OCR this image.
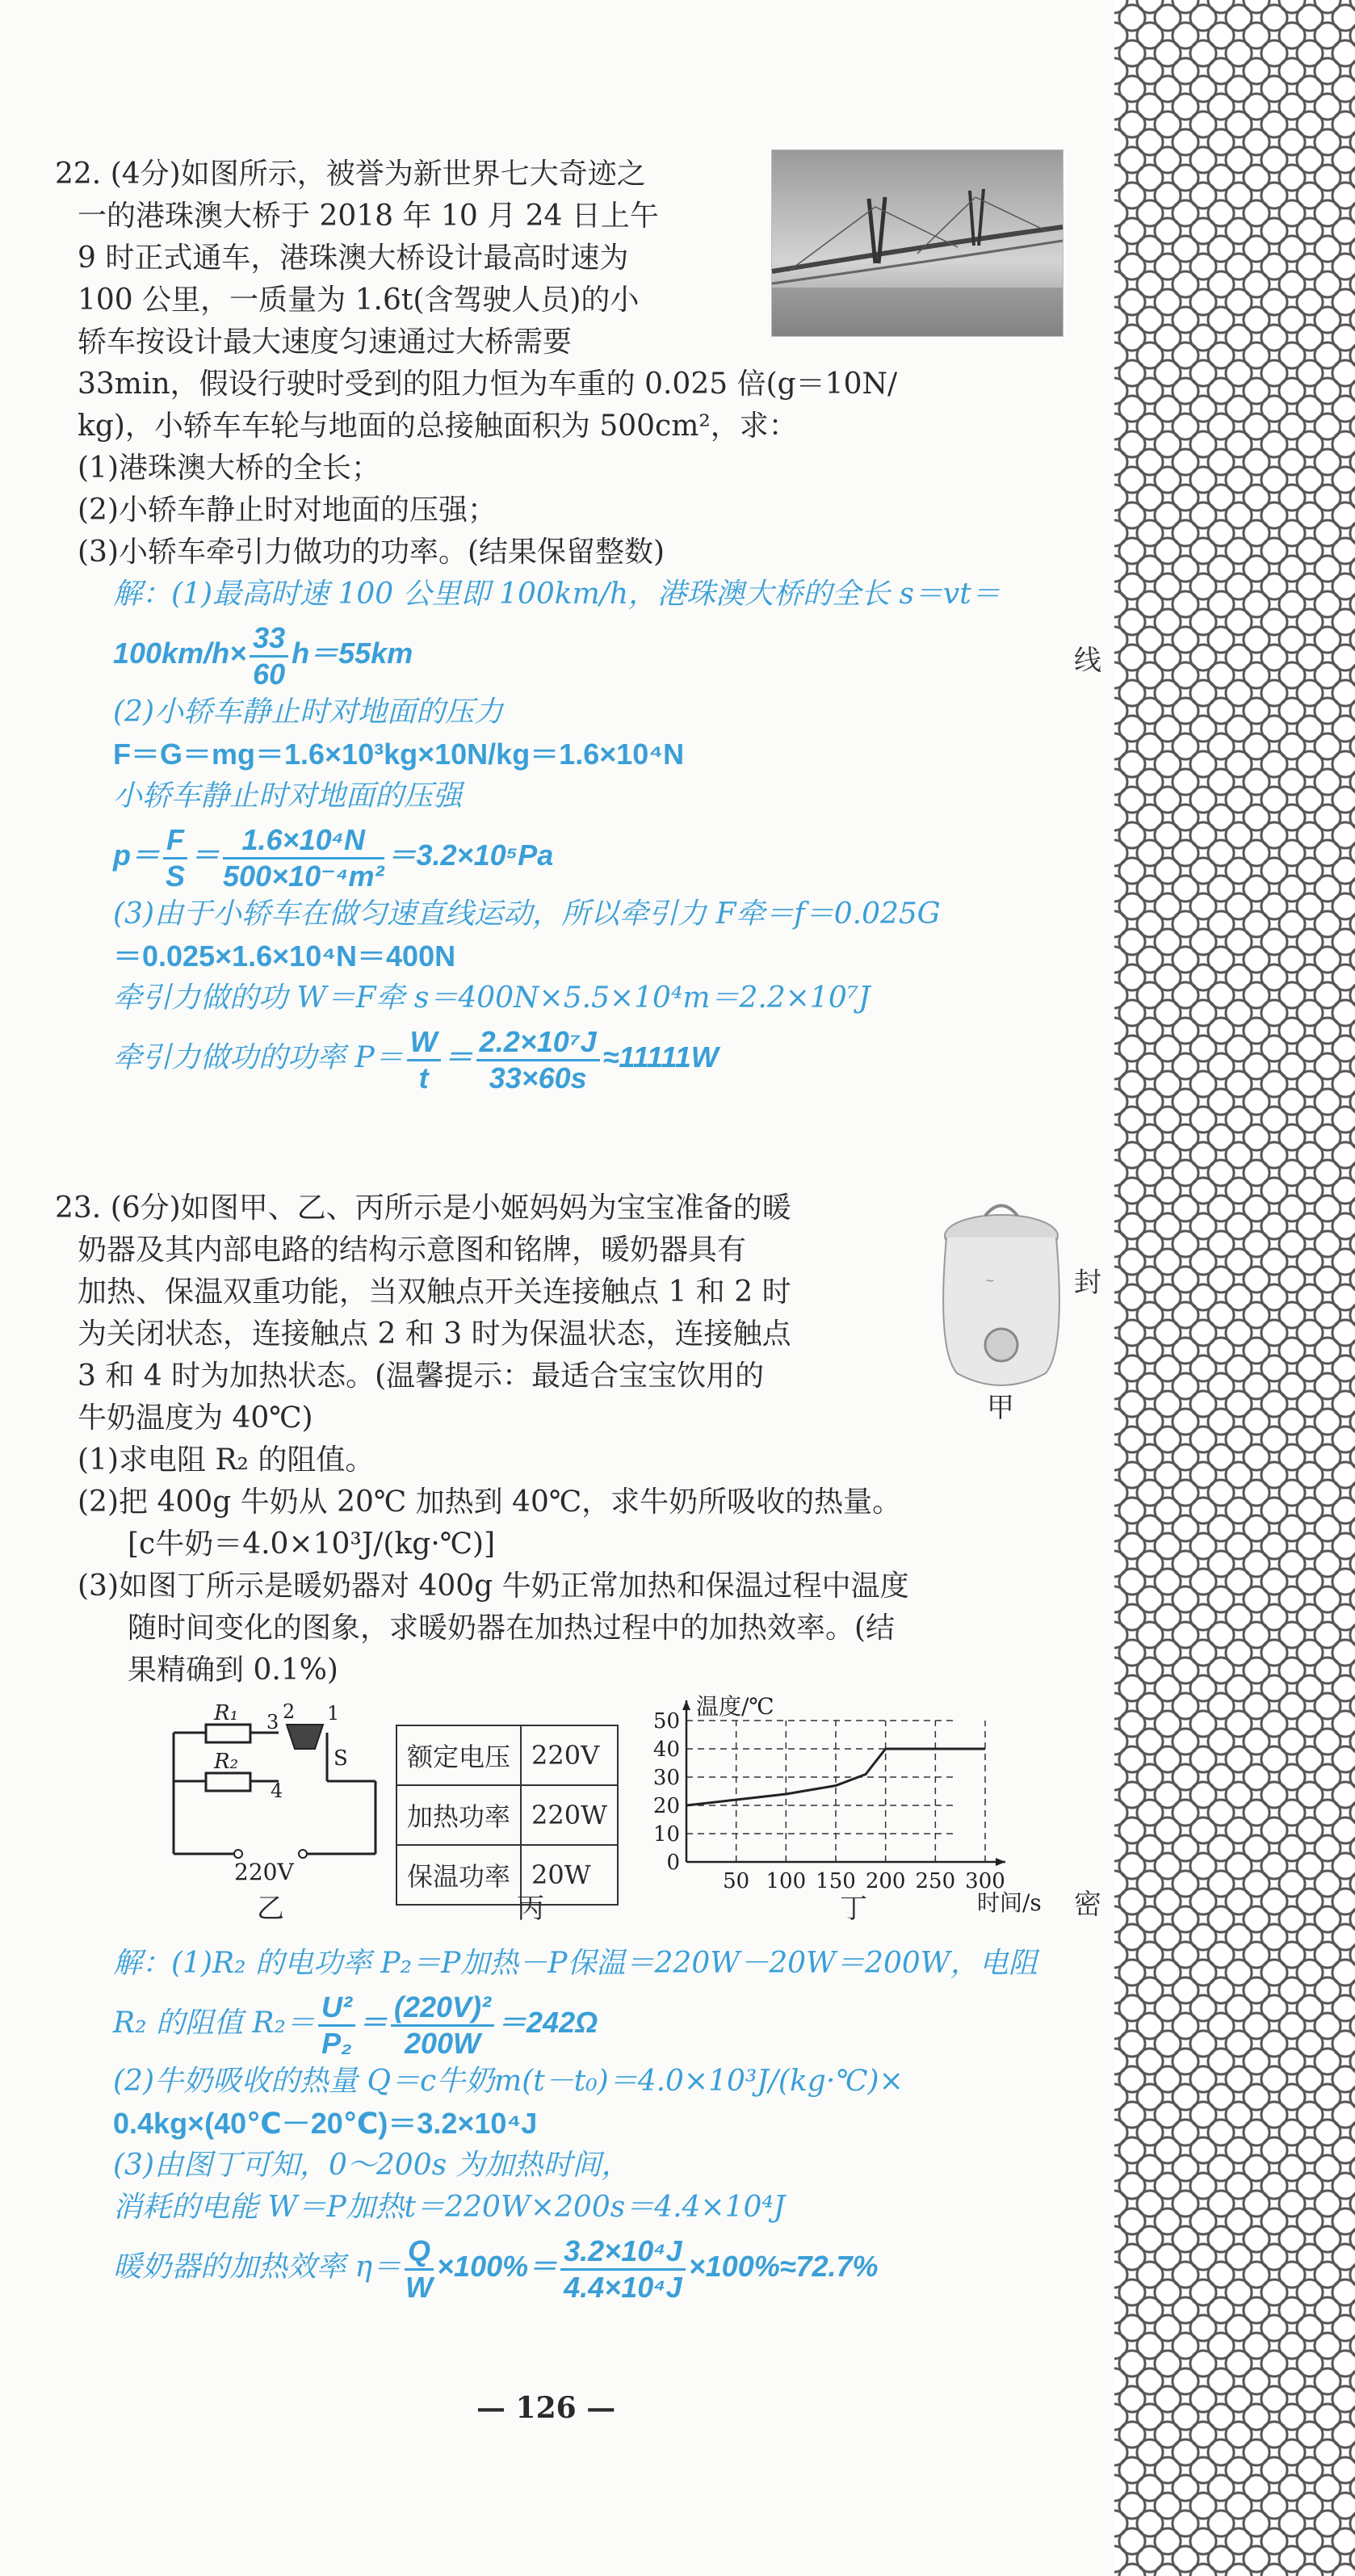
线
封
密
22. (4分)如图所示，被誉为新世界七大奇迹之
一的港珠澳大桥于 2018 年 10 月 24 日上午
9 时正式通车，港珠澳大桥设计最高时速为
100 公里，一质量为 1.6t(含驾驶人员)的小
轿车按设计最大速度匀速通过大桥需要
33min，假设行驶时受到的阻力恒为车重的 0.025 倍(g＝10N/
kg)，小轿车车轮与地面的总接触面积为 500cm²，求：
(1)港珠澳大桥的全长；
(2)小轿车静止时对地面的压强；
(3)小轿车牵引力做功的功率。(结果保留整数)
解：(1)最高时速 100 公里即 100km/h，港珠澳大桥的全长 s＝vt＝
$100km/h\times \frac{33}{60} h=55km$
(2)小轿车静止时对地面的压力
F＝G＝mg＝1.6×10³kg×10N/kg＝1.6×10⁴N
小轿车静止时对地面的压强
$p= \frac{F}{S} = \frac{\text{1.6×10⁴N}}{\text{500×10⁻⁴m²}} =3.2\times 10^5Pa$
(3)由于小轿车在做匀速直线运动，所以牵引力 F牵＝f＝0.025G
＝0.025×1.6×10⁴N＝400N
牵引力做的功 W＝F牵 s＝400N×5.5×10⁴m＝2.2×10⁷J
牵引力做功的功率 $P= \frac{W}{t} = \frac{\text{2.2×10⁷J}}{33\times 60s} \approx 11111W$
23. (6分)如图甲、乙、丙所示是小姬妈妈为宝宝准备的暖
奶器及其内部电路的结构示意图和铭牌，暖奶器具有
加热、保温双重功能，当双触点开关连接触点 1 和 2 时
为关闭状态，连接触点 2 和 3 时为保温状态，连接触点
3 和 4 时为加热状态。(温馨提示：最适合宝宝饮用的
牛奶温度为 40℃)
(1)求电阻 R₂ 的阻值。
(2)把 400g 牛奶从 20℃ 加热到 40℃，求牛奶所吸收的热量。
[c牛奶＝4.0×10³J/(kg·℃)]
(3)如图丁所示是暖奶器对 400g 牛奶正常加热和保温过程中温度
随时间变化的图象，求暖奶器在加热过程中的加热效率。(结
果精确到 0.1%)
~
甲
R₁
R₂
3 2 1
4
S
220V
乙
额定电压	220V
加热功率	220W
保温功率	20W
丙
0
10
20
30
40
50
50 100 150 200 250 300
温度/℃
时间/s
丁
解：(1)R₂ 的电功率 P₂＝P加热－P保温＝220W－20W＝200W，电阻
R₂ 的阻值 $R_2= \frac{\text{U²}}{\text{P₂}} = \frac{\text{(220V)²}}{200W} =242\Omega$
(2)牛奶吸收的热量 Q＝c牛奶m(t－t₀)＝4.0×10³J/(kg·℃)×
0.4kg×(40℃－20℃)＝3.2×10⁴J
(3)由图丁可知，0～200s 为加热时间，
消耗的电能 W＝P加热t＝220W×200s＝4.4×10⁴J
暖奶器的加热效率 $\eta= \frac{Q}{W} \times 100\%= \frac{\text{3.2×10⁴J}}{\text{4.4×10⁴J}} \times 100\%\approx 72.7\%$
— 126 —
